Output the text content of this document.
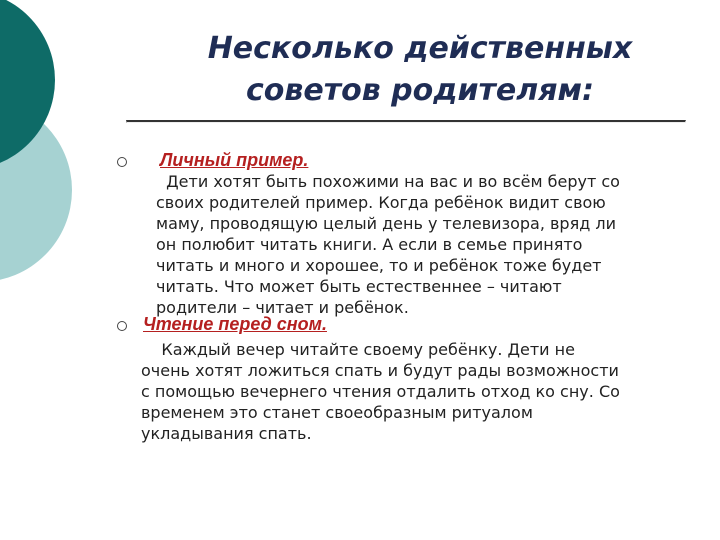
Несколько действенных
советов родителям:

Личный пример.

Дети хотят быть похожими на вас и во всём берут со
своих родителей пример. Когда ребёнок видит свою
маму, проводящую целый день у телевизора, вряд ли
он полюбит читать книги. А если в семье принято
читать и много и хорошее, то и ребёнок тоже будет
читать. Что может быть естественнее – читают
родители – читает и ребёнок.

Чтение перед сном.

Каждый вечер читайте своему ребёнку. Дети не
очень хотят ложиться спать и будут рады возможности
с помощью вечернего чтения отдалить отход ко сну. Со
временем это станет своеобразным ритуалом
укладывания спать.
